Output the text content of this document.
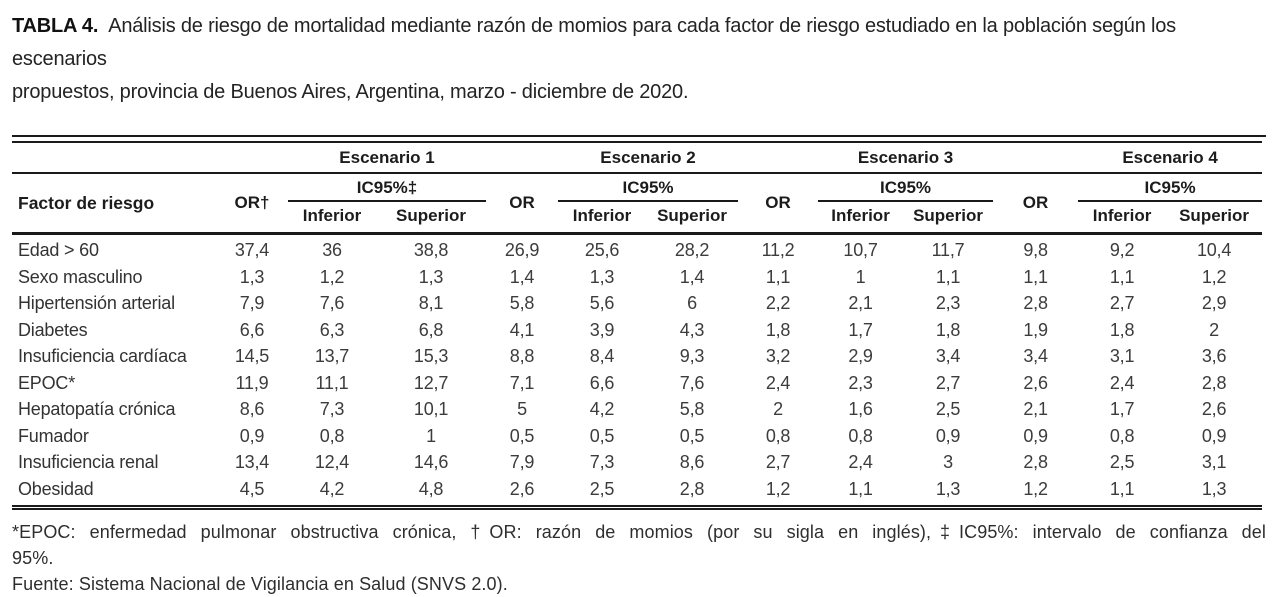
TABLA 4. Análisis de riesgo de mortalidad mediante razón de momios para cada factor de riesgo estudiado en la población según los escenarios
propuestos, provincia de Buenos Aires, Argentina, marzo - diciembre de 2020.

		Escenario 1			Escenario 2			Escenario 3			Escenario 4	
Factor de riesgo	OR†	IC95%‡		OR	IC95%		OR	IC95%		OR	IC95%	
		Inferior	Superior		Inferior	Superior		Inferior	Superior		Inferior	Superior
Edad > 60	37,4	36	38,8	26,9	25,6	28,2	11,2	10,7	11,7	9,8	9,2	10,4
Sexo masculino	1,3	1,2	1,3	1,4	1,3	1,4	1,1	1	1,1	1,1	1,1	1,2
Hipertensión arterial	7,9	7,6	8,1	5,8	5,6	6	2,2	2,1	2,3	2,8	2,7	2,9
Diabetes	6,6	6,3	6,8	4,1	3,9	4,3	1,8	1,7	1,8	1,9	1,8	2
Insuficiencia cardíaca	14,5	13,7	15,3	8,8	8,4	9,3	3,2	2,9	3,4	3,4	3,1	3,6
EPOC*	11,9	11,1	12,7	7,1	6,6	7,6	2,4	2,3	2,7	2,6	2,4	2,8
Hepatopatía crónica	8,6	7,3	10,1	5	4,2	5,8	2	1,6	2,5	2,1	1,7	2,6
Fumador	0,9	0,8	1	0,5	0,5	0,5	0,8	0,8	0,9	0,9	0,8	0,9
Insuficiencia renal	13,4	12,4	14,6	7,9	7,3	8,6	2,7	2,4	3	2,8	2,5	3,1
Obesidad	4,5	4,2	4,8	2,6	2,5	2,8	1,2	1,1	1,3	1,2	1,1	1,3

*EPOC: enfermedad pulmonar obstructiva crónica, †OR: razón de momios (por su sigla en inglés),‡IC95%: intervalo de confianza del

95%.

Fuente: Sistema Nacional de Vigilancia en Salud (SNVS 2.0).
